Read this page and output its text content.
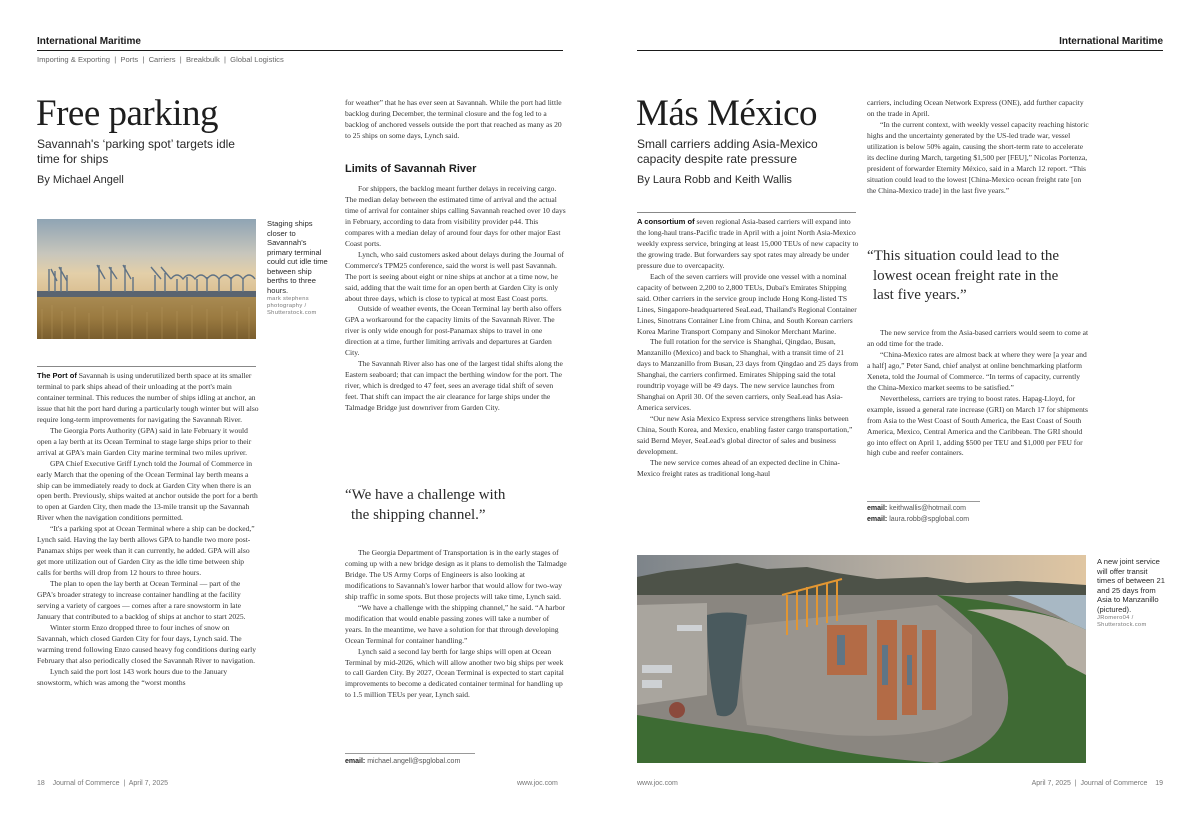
International Maritime
Importing & Exporting  |  Ports  |  Carriers  |  Breakbulk  |  Global Logistics
Free parking
Savannah's ‘parking spot’ targets idle time for ships
By Michael Angell
Staging ships closer to Savannah's primary terminal could cut idle time between ship berths to three hours.
mark stephens photography / Shutterstock.com

The Port of Savannah is using underutilized berth space at its smaller terminal to park ships ahead of their unloading at the port's main container terminal. This reduces the number of ships idling at anchor, an issue that hit the port hard during a particularly tough winter but will also require long-term improvements for navigating the Savannah River.

The Georgia Ports Authority (GPA) said in late February it would open a lay berth at its Ocean Terminal to stage large ships prior to their arrival at GPA's main Garden City marine terminal two miles upriver.

GPA Chief Executive Griff Lynch told the Journal of Commerce in early March that the opening of the Ocean Terminal lay berth means a ship can be immediately ready to dock at Garden City when there is an open berth. Previously, ships waited at anchor outside the port for a berth to open at Garden City, then made the 13-mile transit up the Savannah River when the navigation conditions permitted.

“It's a parking spot at Ocean Terminal where a ship can be docked,” Lynch said. Having the lay berth allows GPA to handle two more post-Panamax ships per week than it can currently, he added. GPA will also get more utilization out of Garden City as the idle time between ship calls for berths will drop from 12 hours to three hours.

The plan to open the lay berth at Ocean Terminal — part of the GPA's broader strategy to increase container handling at the facility serving a variety of cargoes — comes after a rare snowstorm in late January that contributed to a backlog of ships at anchor to start 2025.

Winter storm Enzo dropped three to four inches of snow on Savannah, which closed Garden City for four days, Lynch said. The warming trend following Enzo caused heavy fog conditions during early February that also periodically closed the Savannah River to navigation.

Lynch said the port lost 143 work hours due to the January snowstorm, which was among the “worst months

for weather” that he has ever seen at Savannah. While the port had little backlog during December, the terminal closure and the fog led to a backlog of anchored vessels outside the port that reached as many as 20 to 25 ships on some days, Lynch said.

Limits of Savannah River

For shippers, the backlog meant further delays in receiving cargo. The median delay between the estimated time of arrival and the actual time of arrival for container ships calling Savannah reached over 10 days in February, according to data from visibility provider p44. This compares with a median delay of around four days for other major East Coast ports.

Lynch, who said customers asked about delays during the Journal of Commerce's TPM25 conference, said the worst is well past Savannah. The port is seeing about eight or nine ships at anchor at a time now, he said, adding that the wait time for an open berth at Garden City is only about three days, which is close to typical at most East Coast ports.

Outside of weather events, the Ocean Terminal lay berth also offers GPA a workaround for the capacity limits of the Savannah River. The river is only wide enough for post-Panamax ships to travel in one direction at a time, further limiting arrivals and departures at Garden City.

The Savannah River also has one of the largest tidal shifts along the Eastern seaboard; that can impact the berthing window for the port. The river, which is dredged to 47 feet, sees an average tidal shift of seven feet. That shift can impact the air clearance for large ships under the Talmadge Bridge just downriver from Garden City.

“We have a challenge with
the shipping channel.”

The Georgia Department of Transportation is in the early stages of coming up with a new bridge design as it plans to demolish the Talmadge Bridge. The US Army Corps of Engineers is also looking at modifications to Savannah's lower harbor that would allow for two-way ship traffic in some spots. But those projects will take time, Lynch said.

“We have a challenge with the shipping channel,” he said. “A harbor modification that would enable passing zones will take a number of years. In the meantime, we have a solution for that through developing Ocean Terminal for container handling.”

Lynch said a second lay berth for large ships will open at Ocean Terminal by mid-2026, which will allow another two big ships per week to call Garden City. By 2027, Ocean Terminal is expected to start capital improvements to become a dedicated container terminal for handling up to 1.5 million TEUs per year, Lynch said.

email: michael.angell@spglobal.com
18    Journal of Commerce  |  April 7, 2025	www.joc.com
International Maritime
Más México
Small carriers adding Asia-Mexico capacity despite rate pressure
By Laura Robb and Keith Wallis

A consortium of seven regional Asia-based carriers will expand into the long-haul trans-Pacific trade in April with a joint North Asia-Mexico weekly express service, bringing at least 15,000 TEUs of new capacity to the growing trade. But forwarders say spot rates may already be under pressure due to overcapacity.

Each of the seven carriers will provide one vessel with a nominal capacity of between 2,200 to 2,800 TEUs, Dubai's Emirates Shipping said. Other carriers in the service group include Hong Kong-listed TS Lines, Singapore-headquartered SeaLead, Thailand's Regional Container Lines, Sinotrans Container Line from China, and South Korean carriers Korea Marine Transport Company and Sinokor Merchant Marine.

The full rotation for the service is Shanghai, Qingdao, Busan, Manzanillo (Mexico) and back to Shanghai, with a transit time of 21 days to Manzanillo from Busan, 23 days from Qingdao and 25 days from Shanghai, the carriers confirmed. Emirates Shipping said the total roundtrip voyage will be 49 days. The new service launches from Shanghai on April 30. Of the seven carriers, only SeaLead has Asia-America services.

“Our new Asia Mexico Express service strengthens links between China, South Korea, and Mexico, enabling faster cargo transportation,” said Bernd Meyer, SeaLead's global director of sales and business development.

The new service comes ahead of an expected decline in China-Mexico freight rates as traditional long-haul

carriers, including Ocean Network Express (ONE), add further capacity on the trade in April.

“In the current context, with weekly vessel capacity reaching historic highs and the uncertainty generated by the US-led trade war, vessel utilization is below 50% again, causing the short-term rate to accelerate its decline during March, targeting $1,500 per [FEU],” Nicolas Portenza, president of forwarder Eternity México, said in a March 12 report. “This situation could lead to the lowest [China-Mexico ocean freight rate [on the China-Mexico trade] in the last five years.”

“This situation could lead to the
lowest ocean freight rate in the
last five years.”

The new service from the Asia-based carriers would seem to come at an odd time for the trade.

“China-Mexico rates are almost back at where they were [a year and a half] ago,” Peter Sand, chief analyst at online benchmarking platform Xeneta, told the Journal of Commerce. “In terms of capacity, currently the China-Mexico market seems to be satisfied.”

Nevertheless, carriers are trying to boost rates. Hapag-Lloyd, for example, issued a general rate increase (GRI) on March 17 for shipments from Asia to the West Coast of South America, the East Coast of South America, Mexico, Central America and the Caribbean. The GRI should go into effect on April 1, adding $500 per TEU and $1,000 per FEU for high cube and reefer containers.

email: keithwallis@hotmail.com
email: laura.robb@spglobal.com
A new joint service will offer transit times of between 21 and 25 days from Asia to Manzanillo (pictured).
JRomero04 / Shutterstock.com
www.joc.com	April 7, 2025  |  Journal of Commerce    19
